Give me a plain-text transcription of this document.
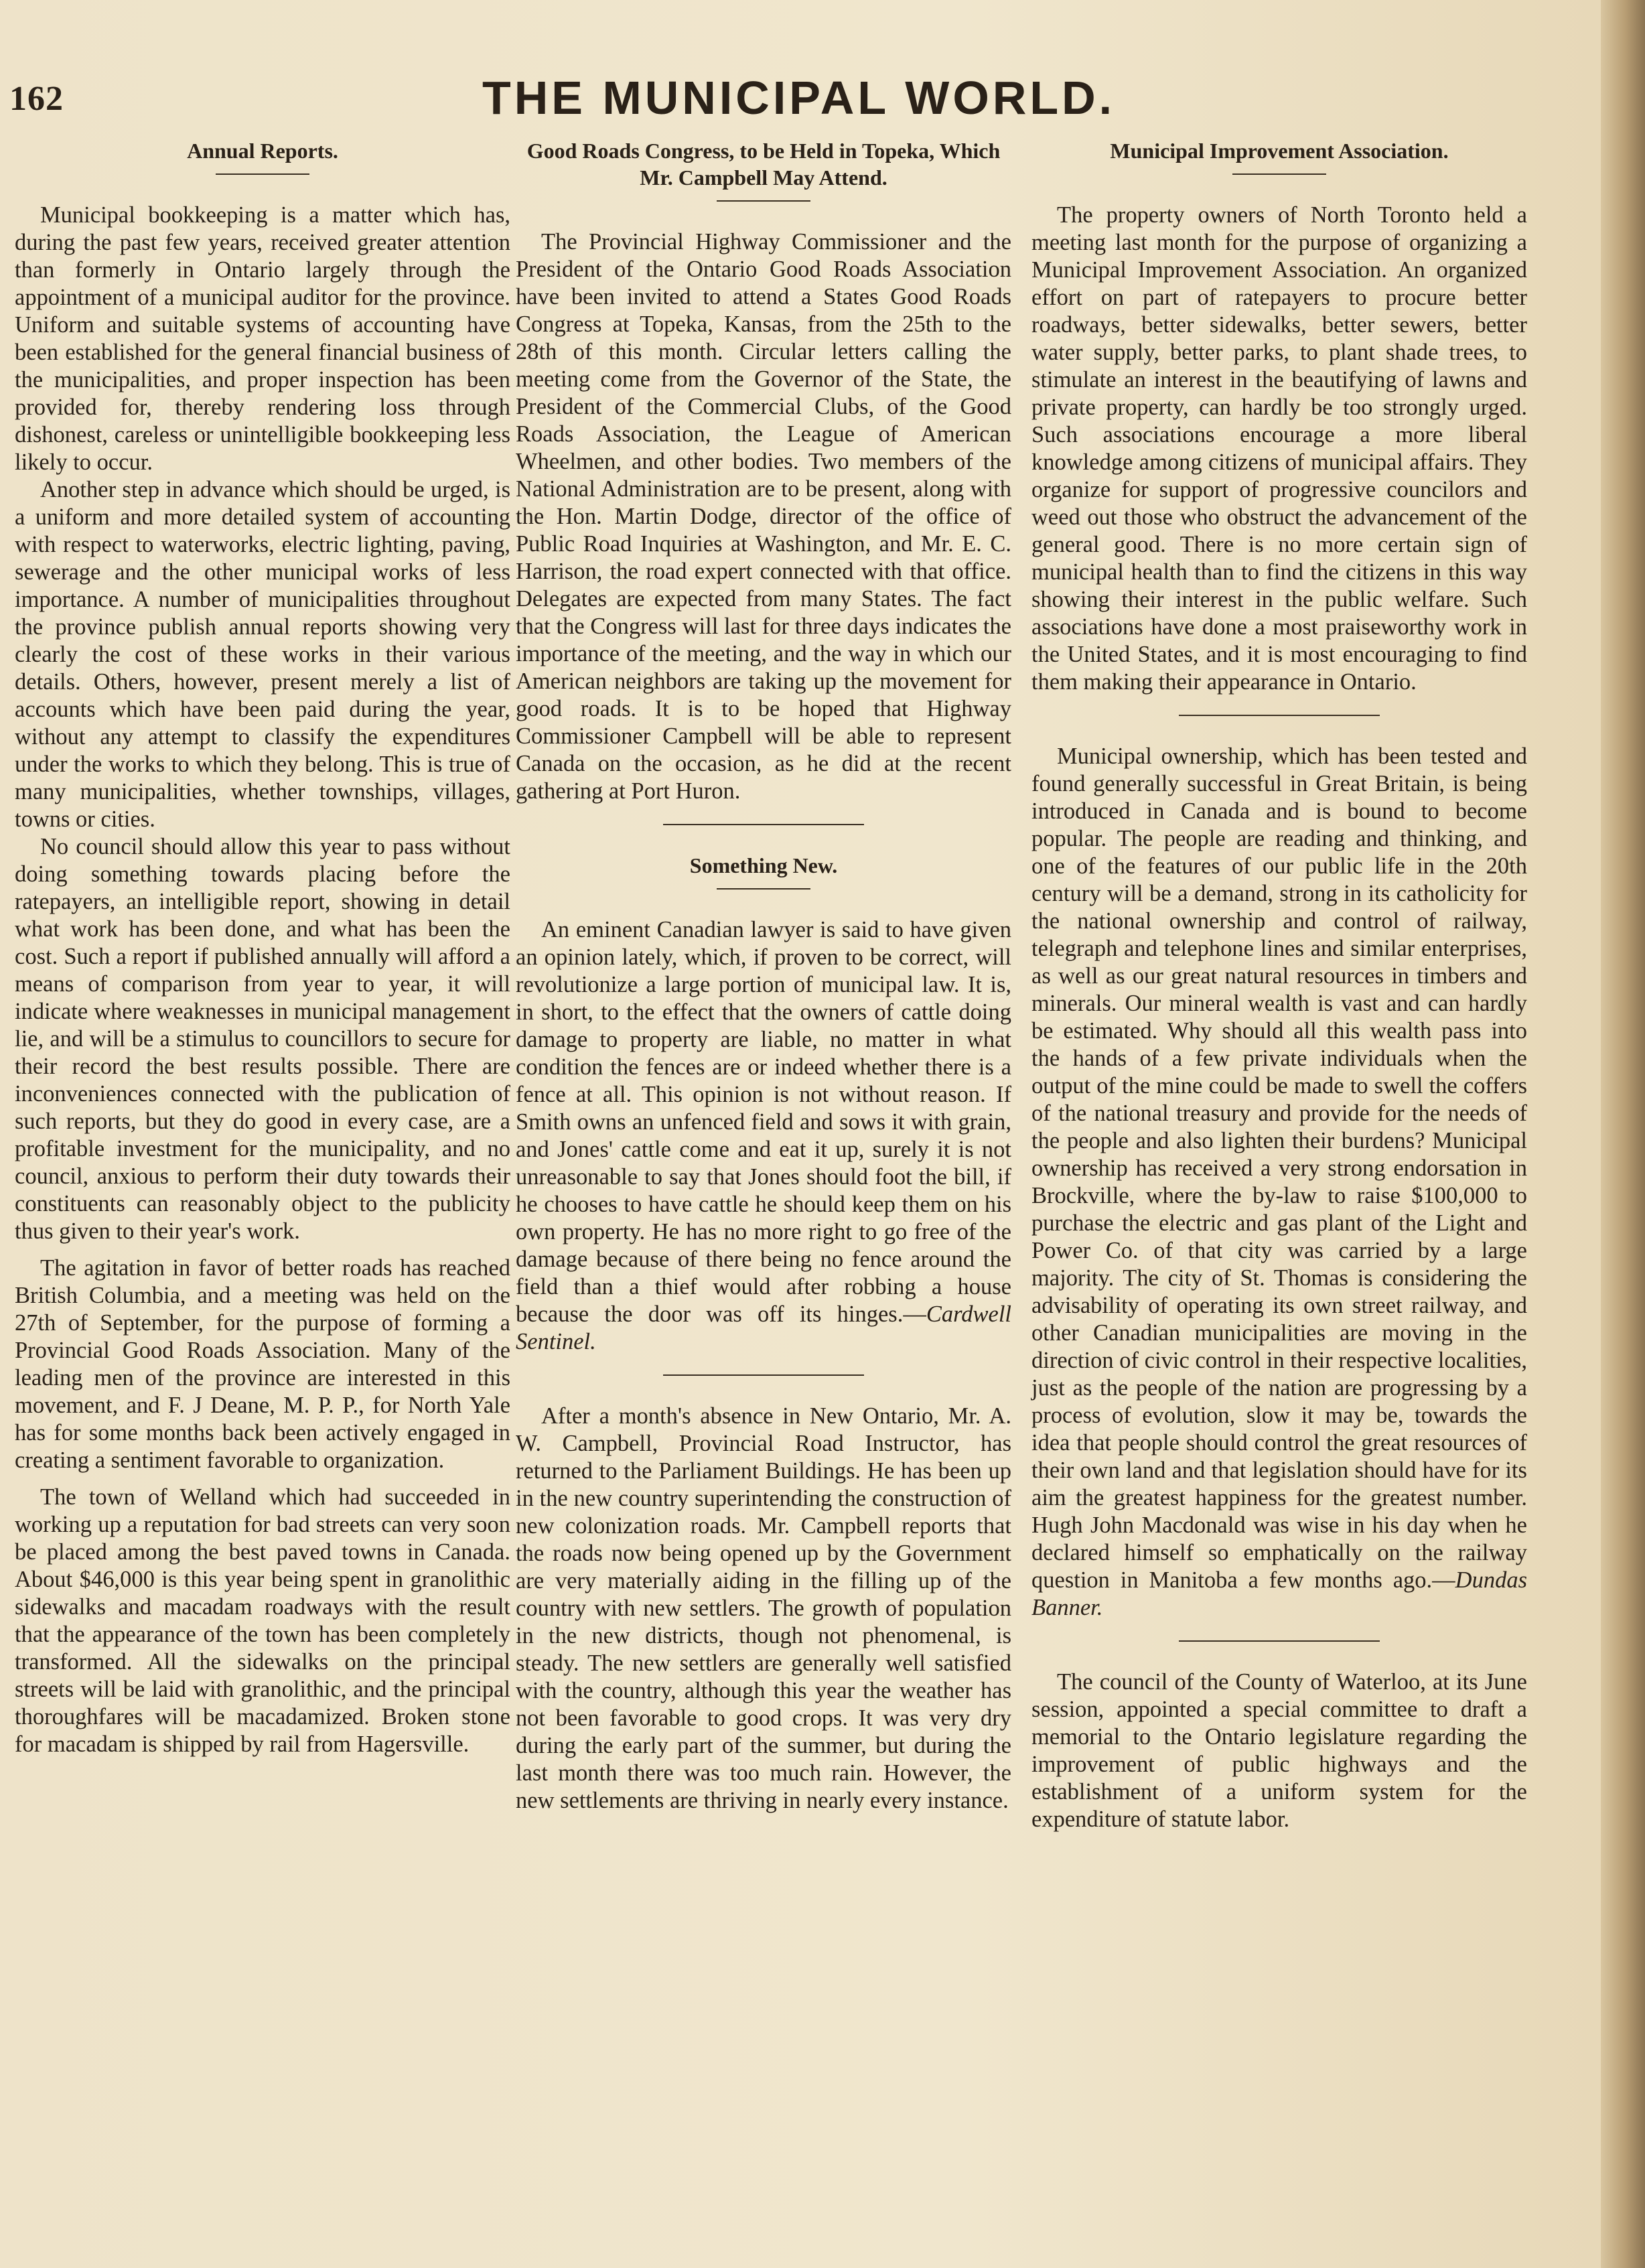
162	THE MUNICIPAL WORLD.
Annual Reports.

Municipal bookkeeping is a matter which has, during the past few years, received greater attention than formerly in Ontario largely through the appointment of a municipal auditor for the province. Uniform and suitable systems of accounting have been established for the general financial business of the municipalities, and proper inspection has been provided for, thereby rendering loss through dishonest, careless or unintelligible bookkeeping less likely to occur.

Another step in advance which should be urged, is a uniform and more detailed system of accounting with respect to waterworks, electric lighting, paving, sewerage and the other municipal works of less importance. A number of municipalities throughout the province publish annual reports showing very clearly the cost of these works in their various details. Others, however, present merely a list of accounts which have been paid during the year, without any attempt to classify the expenditures under the works to which they belong. This is true of many municipalities, whether townships, villages, towns or cities.

No council should allow this year to pass without doing something towards placing before the ratepayers, an intelligible report, showing in detail what work has been done, and what has been the cost. Such a report if published annually will afford a means of comparison from year to year, it will indicate where weaknesses in municipal management lie, and will be a stimulus to councillors to secure for their record the best results possible. There are inconveniences connected with the publication of such reports, but they do good in every case, are a profitable investment for the municipality, and no council, anxious to perform their duty towards their constituents can reasonably object to the publicity thus given to their year's work.

The agitation in favor of better roads has reached British Columbia, and a meeting was held on the 27th of September, for the purpose of forming a Provincial Good Roads Association. Many of the leading men of the province are interested in this movement, and F. J Deane, M. P. P., for North Yale has for some months back been actively engaged in creating a sentiment favorable to organization.

The town of Welland which had succeeded in working up a reputation for bad streets can very soon be placed among the best paved towns in Canada. About $46,000 is this year being spent in granolithic sidewalks and macadam roadways with the result that the appearance of the town has been completely transformed. All the sidewalks on the principal streets will be laid with granolithic, and the principal thoroughfares will be macadamized. Broken stone for macadam is shipped by rail from Hagersville.

Good Roads Congress, to be Held in Topeka, Which Mr. Campbell May Attend.

The Provincial Highway Commissioner and the President of the Ontario Good Roads Association have been invited to attend a States Good Roads Congress at Topeka, Kansas, from the 25th to the 28th of this month. Circular letters calling the meeting come from the Governor of the State, the President of the Commercial Clubs, of the Good Roads Association, the League of American Wheelmen, and other bodies. Two members of the National Administration are to be present, along with the Hon. Martin Dodge, director of the office of Public Road Inquiries at Washington, and Mr. E. C. Harrison, the road expert connected with that office. Delegates are expected from many States. The fact that the Congress will last for three days indicates the importance of the meeting, and the way in which our American neighbors are taking up the movement for good roads. It is to be hoped that Highway Commissioner Campbell will be able to represent Canada on the occasion, as he did at the recent gathering at Port Huron.

Something New.

An eminent Canadian lawyer is said to have given an opinion lately, which, if proven to be correct, will revolutionize a large portion of municipal law. It is, in short, to the effect that the owners of cattle doing damage to property are liable, no matter in what condition the fences are or indeed whether there is a fence at all. This opinion is not without reason. If Smith owns an unfenced field and sows it with grain, and Jones' cattle come and eat it up, surely it is not unreasonable to say that Jones should foot the bill, if he chooses to have cattle he should keep them on his own property. He has no more right to go free of the damage because of there being no fence around the field than a thief would after robbing a house because the door was off its hinges.—Cardwell Sentinel.

After a month's absence in New Ontario, Mr. A. W. Campbell, Provincial Road Instructor, has returned to the Parliament Buildings. He has been up in the new country superintending the construction of new colonization roads. Mr. Campbell reports that the roads now being opened up by the Government are very materially aiding in the filling up of the country with new settlers. The growth of population in the new districts, though not phenomenal, is steady. The new settlers are generally well satisfied with the country, although this year the weather has not been favorable to good crops. It was very dry during the early part of the summer, but during the last month there was too much rain. However, the new settlements are thriving in nearly every instance.

Municipal Improvement Association.

The property owners of North Toronto held a meeting last month for the purpose of organizing a Municipal Improvement Association. An organized effort on part of ratepayers to procure better roadways, better sidewalks, better sewers, better water supply, better parks, to plant shade trees, to stimulate an interest in the beautifying of lawns and private property, can hardly be too strongly urged. Such associations encourage a more liberal knowledge among citizens of municipal affairs. They organize for support of progressive councilors and weed out those who obstruct the advancement of the general good. There is no more certain sign of municipal health than to find the citizens in this way showing their interest in the public welfare. Such associations have done a most praiseworthy work in the United States, and it is most encouraging to find them making their appearance in Ontario.

Municipal ownership, which has been tested and found generally successful in Great Britain, is being introduced in Canada and is bound to become popular. The people are reading and thinking, and one of the features of our public life in the 20th century will be a demand, strong in its catholicity for the national ownership and control of railway, telegraph and telephone lines and similar enterprises, as well as our great natural resources in timbers and minerals. Our mineral wealth is vast and can hardly be estimated. Why should all this wealth pass into the hands of a few private individuals when the output of the mine could be made to swell the coffers of the national treasury and provide for the needs of the people and also lighten their burdens? Municipal ownership has received a very strong endorsation in Brockville, where the by-law to raise $100,000 to purchase the electric and gas plant of the Light and Power Co. of that city was carried by a large majority. The city of St. Thomas is considering the advisability of operating its own street railway, and other Canadian municipalities are moving in the direction of civic control in their respective localities, just as the people of the nation are progressing by a process of evolution, slow it may be, towards the idea that people should control the great resources of their own land and that legislation should have for its aim the greatest happiness for the greatest number. Hugh John Macdonald was wise in his day when he declared himself so emphatically on the railway question in Manitoba a few months ago.—Dundas Banner.

The council of the County of Waterloo, at its June session, appointed a special committee to draft a memorial to the Ontario legislature regarding the improvement of public highways and the establishment of a uniform system for the expenditure of statute labor.
